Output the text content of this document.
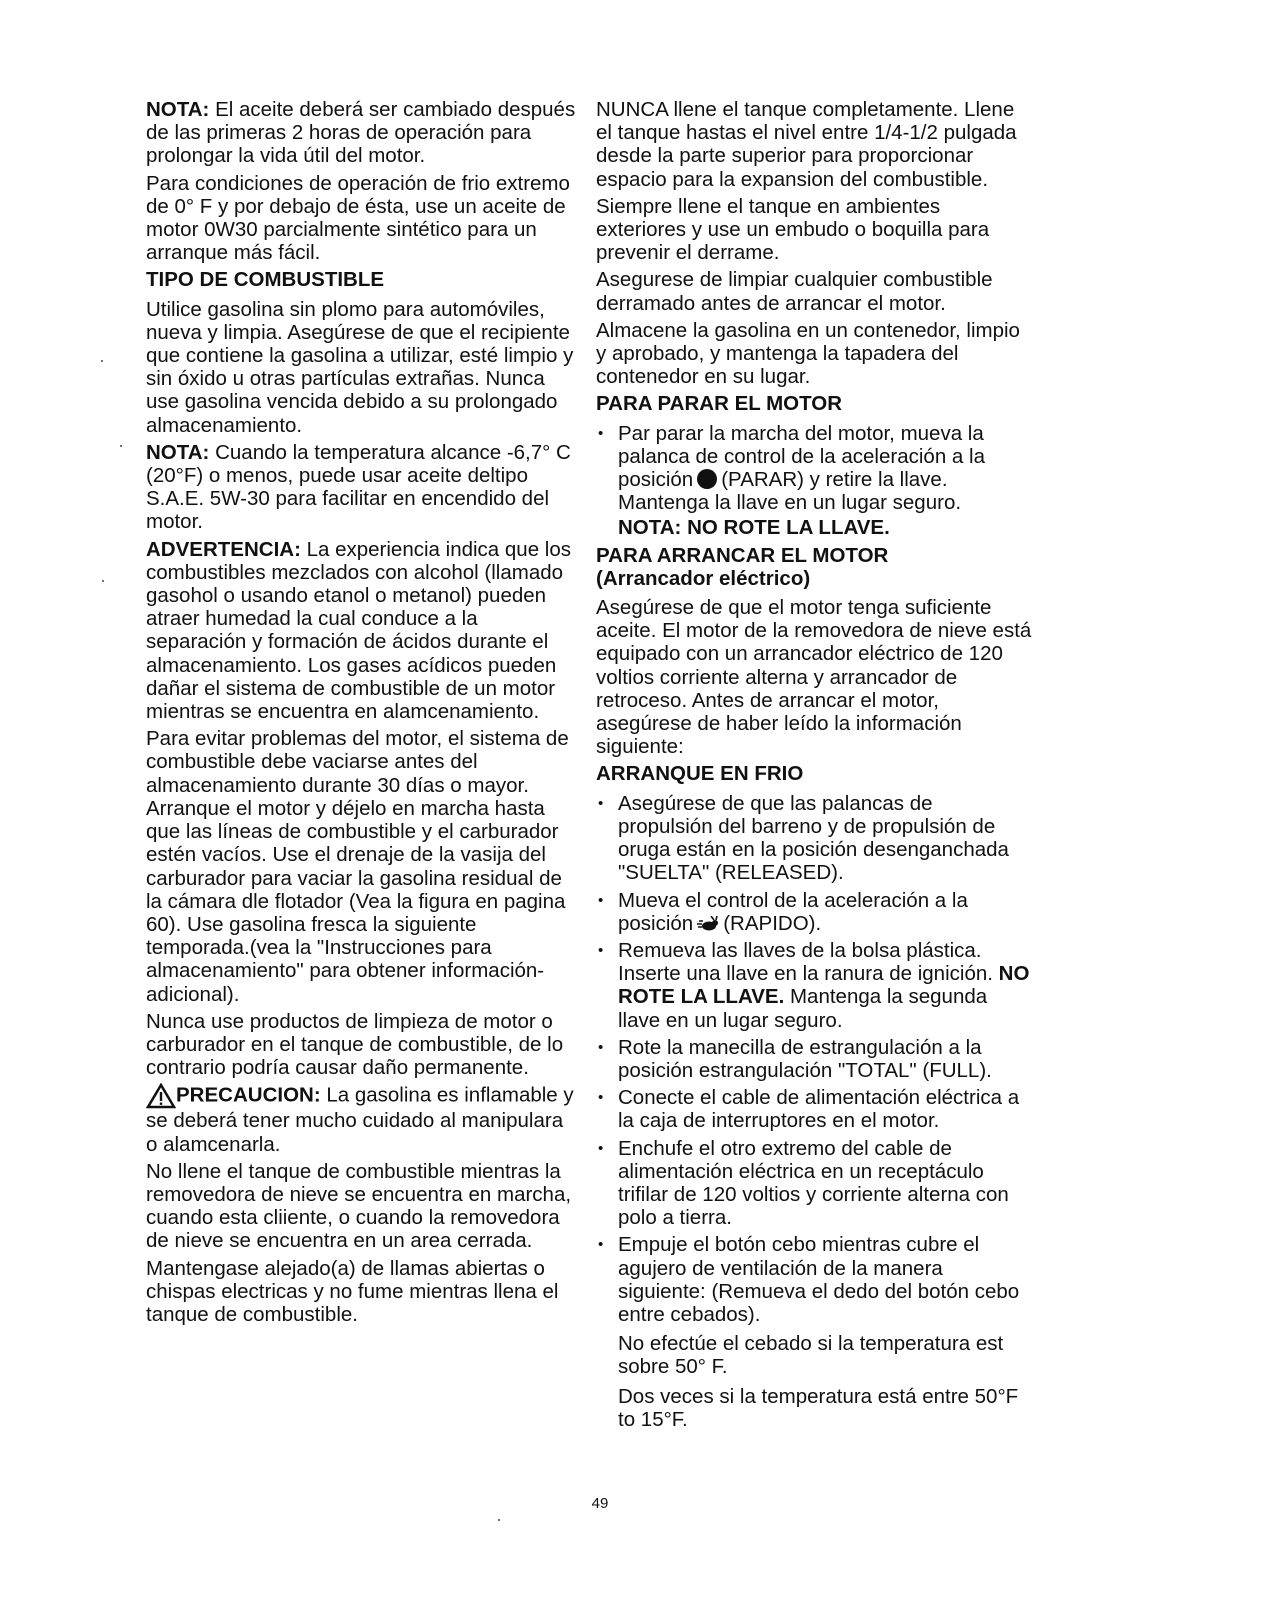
NOTA: El aceite deberá ser cambiado después de las primeras 2 horas de operación para prolongar la vida útil del motor.

Para condiciones de operación de frio extremo de 0° F y por debajo de ésta, use un aceite de motor 0W30 parcialmente sintético para un arranque más fácil.

TIPO DE COMBUSTIBLE

Utilice gasolina sin plomo para automóviles, nueva y limpia. Asegúrese de que el recipiente que contiene la gasolina a utilizar, esté limpio y sin óxido u otras partículas extrañas. Nunca use gasolina vencida debido a su prolongado almacenamiento.

NOTA: Cuando la temperatura alcance -6,7° C (20°F) o menos, puede usar aceite deltipo S.A.E. 5W-30 para facilitar en encendido del motor.

ADVERTENCIA: La experiencia indica que los combustibles mezclados con alcohol (llamado gasohol o usando etanol o metanol) pueden atraer humedad la cual conduce a la separación y formación de ácidos durante el almacenamiento. Los gases acídicos pueden dañar el sistema de combustible de un motor mientras se encuentra en alamcenamiento.

Para evitar problemas del motor, el sistema de combustible debe vaciarse antes del almacenamiento durante 30 días o mayor. Arranque el motor y déjelo en marcha hasta que las líneas de combustible y el carburador estén vacíos. Use el drenaje de la vasija del carburador para vaciar la gasolina residual de la cámara dle flotador (Vea la figura en pagina 60). Use gasolina fresca la siguiente temporada.(vea la "Instrucciones para almacenamiento" para obtener información-adicional).

Nunca use productos de limpieza de motor o carburador en el tanque de combustible, de lo contrario podría causar daño permanente.

PRECAUCION: La gasolina es inflamable y se deberá tener mucho cuidado al manipulara o alamcenarla.

No llene el tanque de combustible mientras la removedora de nieve se encuentra en marcha, cuando esta cliiente, o cuando la removedora de nieve se encuentra en un area cerrada.

Mantengase alejado(a) de llamas abiertas o chispas electricas y no fume mientras llena el tanque de combustible.

NUNCA llene el tanque completamente. Llene el tanque hastas el nivel entre 1/4-1/2 pulgada desde la parte superior para proporcionar espacio para la expansion del combustible.

Siempre llene el tanque en ambientes exteriores y use un embudo o boquilla para prevenir el derrame.

Asegurese de limpiar cualquier combustible derramado antes de arrancar el motor.

Almacene la gasolina en un contenedor, limpio y aprobado, y mantenga la tapadera del contenedor en su lugar.

PARA PARAR EL MOTOR
• Par parar la marcha del motor, mueva la palanca de control de la aceleración a la posición (PARAR) y retire la llave. Mantenga la llave en un lugar seguro.
NOTA: NO ROTE LA LLAVE.
PARA ARRANCAR EL MOTOR
(Arrancador eléctrico)

Asegúrese de que el motor tenga suficiente aceite. El motor de la removedora de nieve está equipado con un arrancador eléctrico de 120 voltios corriente alterna y arrancador de retroceso. Antes de arrancar el motor, asegúrese de haber leído la información siguiente:

ARRANQUE EN FRIO
• Asegúrese de que las palancas de propulsión del barreno y de propulsión de oruga están en la posición desenganchada "SUELTA" (RELEASED).
• Mueva el control de la aceleración a la posición (RAPIDO).
• Remueva las llaves de la bolsa plástica. Inserte una llave en la ranura de ignición. NO ROTE LA LLAVE. Mantenga la segunda llave en un lugar seguro.
• Rote la manecilla de estrangulación a la posición estrangulación "TOTAL" (FULL).
• Conecte el cable de alimentación eléctrica a la caja de interruptores en el motor.
• Enchufe el otro extremo del cable de alimentación eléctrica en un receptáculo trifilar de 120 voltios y corriente alterna con polo a tierra.
• Empuje el botón cebo mientras cubre el agujero de ventilación de la manera siguiente: (Remueva el dedo del botón cebo entre cebados).
No efectúe el cebado si la temperatura est sobre 50° F.
Dos veces si la temperatura está entre 50°F to 15°F.
49
